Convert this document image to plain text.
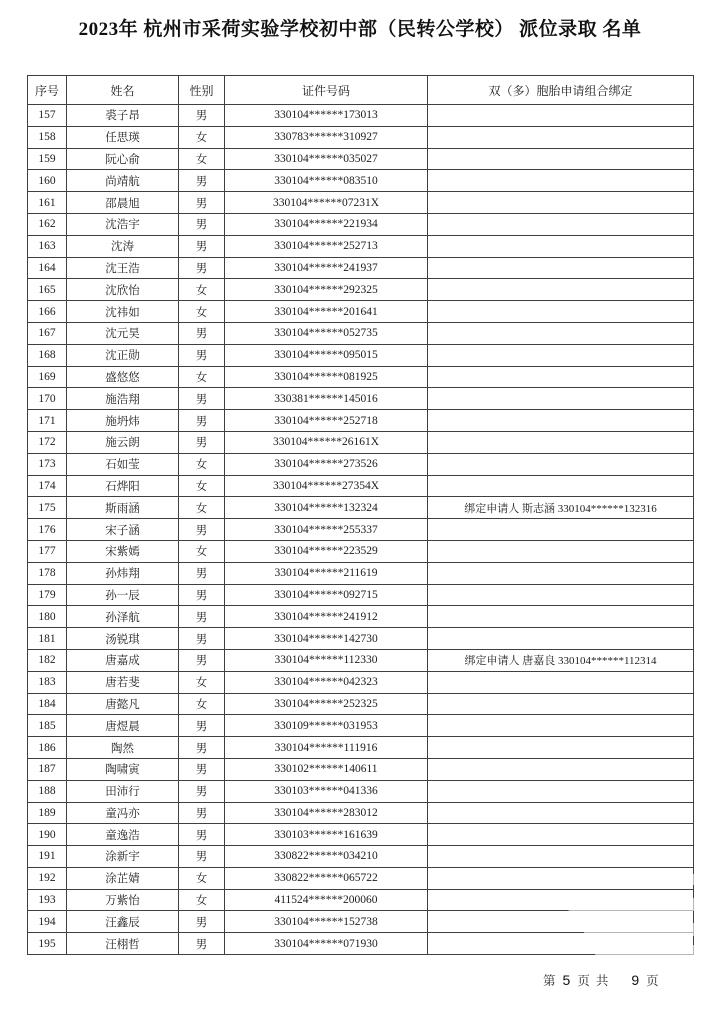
2023年 杭州市采荷实验学校初中部（民转公学校） 派位录取 名单
序号	姓名	性别	证件号码	双（多）胞胎申请组合绑定
157	裘子昂	男	330104******173013	
158	任思瑛	女	330783******310927	
159	阮心俞	女	330104******035027	
160	尚靖航	男	330104******083510	
161	邵晨旭	男	330104******07231X	
162	沈浩宇	男	330104******221934	
163	沈涛	男	330104******252713	
164	沈王浩	男	330104******241937	
165	沈欣怡	女	330104******292325	
166	沈祎如	女	330104******201641	
167	沈元昊	男	330104******052735	
168	沈正勋	男	330104******095015	
169	盛悠悠	女	330104******081925	
170	施浩翔	男	330381******145016	
171	施坍炜	男	330104******252718	
172	施云朗	男	330104******26161X	
173	石如莹	女	330104******273526	
174	石烨阳	女	330104******27354X	
175	斯雨涵	女	330104******132324	绑定申请人 斯志涵 330104******132316
176	宋子涵	男	330104******255337	
177	宋紫嫣	女	330104******223529	
178	孙炜翔	男	330104******211619	
179	孙一辰	男	330104******092715	
180	孙泽航	男	330104******241912	
181	汤锐琪	男	330104******142730	
182	唐嘉成	男	330104******112330	绑定申请人 唐嘉良 330104******112314
183	唐若斐	女	330104******042323	
184	唐懿凡	女	330104******252325	
185	唐煜晨	男	330109******031953	
186	陶然	男	330104******111916	
187	陶啸寅	男	330102******140611	
188	田沛行	男	330103******041336	
189	童冯亦	男	330104******283012	
190	童逸浩	男	330103******161639	
191	涂新宇	男	330822******034210	
192	涂芷婧	女	330822******065722	
193	万紫怡	女	411524******200060	
194	汪鑫辰	男	330104******152738	
195	汪栩哲	男	330104******071930	
第 5 页 共 9 页
